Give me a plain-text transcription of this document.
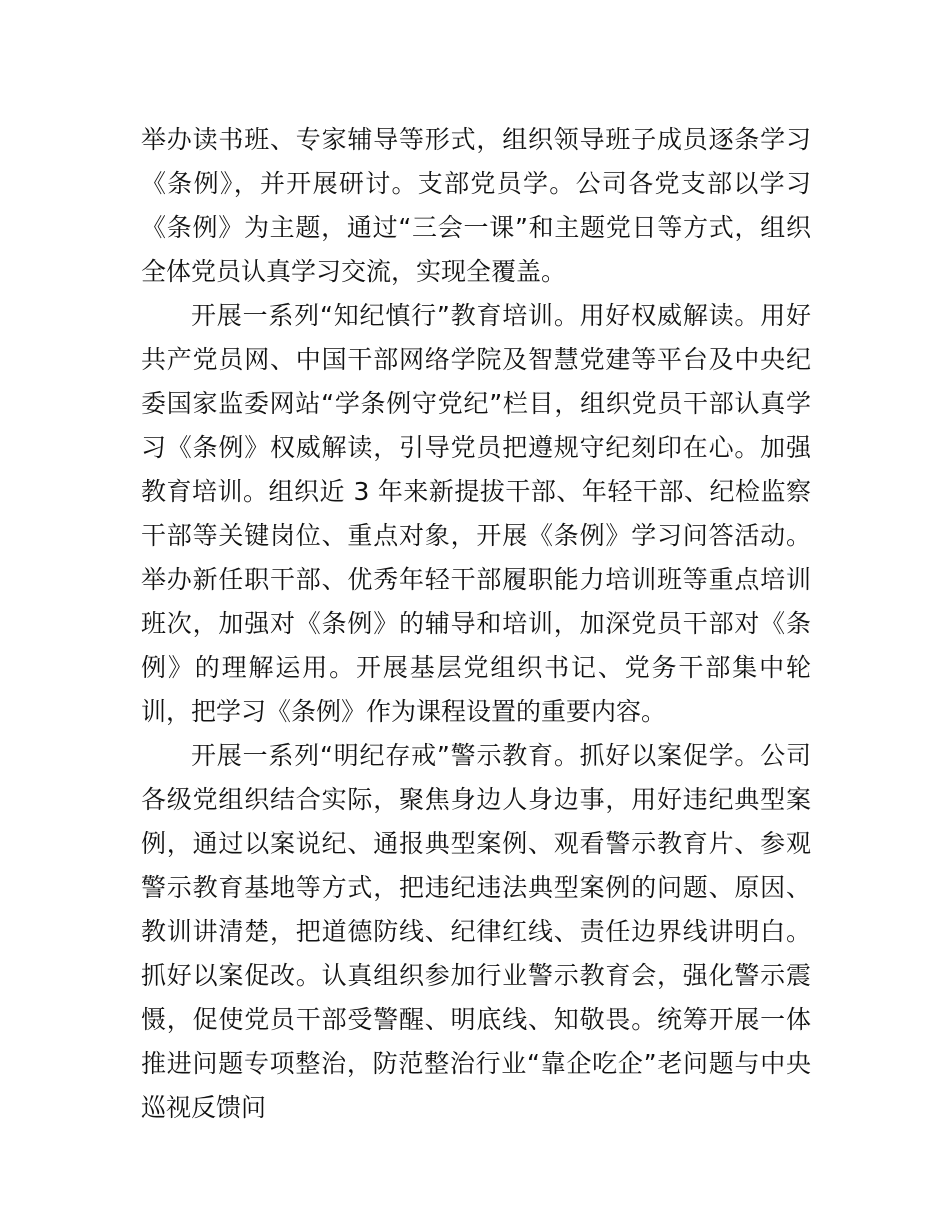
举办读书班、专家辅导等形式，组织领导班子成员逐条学习《条例》，并开展研讨。支部党员学。公司各党支部以学习《条例》为主题，通过“三会一课”和主题党日等方式，组织全体党员认真学习交流，实现全覆盖。

开展一系列“知纪慎行”教育培训。用好权威解读。用好共产党员网、中国干部网络学院及智慧党建等平台及中央纪委国家监委网站“学条例守党纪”栏目，组织党员干部认真学习《条例》权威解读，引导党员把遵规守纪刻印在心。加强教育培训。组织近 3 年来新提拔干部、年轻干部、纪检监察干部等关键岗位、重点对象，开展《条例》学习问答活动。举办新任职干部、优秀年轻干部履职能力培训班等重点培训班次，加强对《条例》的辅导和培训，加深党员干部对《条例》的理解运用。开展基层党组织书记、党务干部集中轮训，把学习《条例》作为课程设置的重要内容。

开展一系列“明纪存戒”警示教育。抓好以案促学。公司各级党组织结合实际，聚焦身边人身边事，用好违纪典型案例，通过以案说纪、通报典型案例、观看警示教育片、参观警示教育基地等方式，把违纪违法典型案例的问题、原因、教训讲清楚，把道德防线、纪律红线、责任边界线讲明白。抓好以案促改。认真组织参加行业警示教育会，强化警示震慑，促使党员干部受警醒、明底线、知敬畏。统筹开展一体推进问题专项整治，防范整治行业“靠企吃企”老问题与中央巡视反馈问
